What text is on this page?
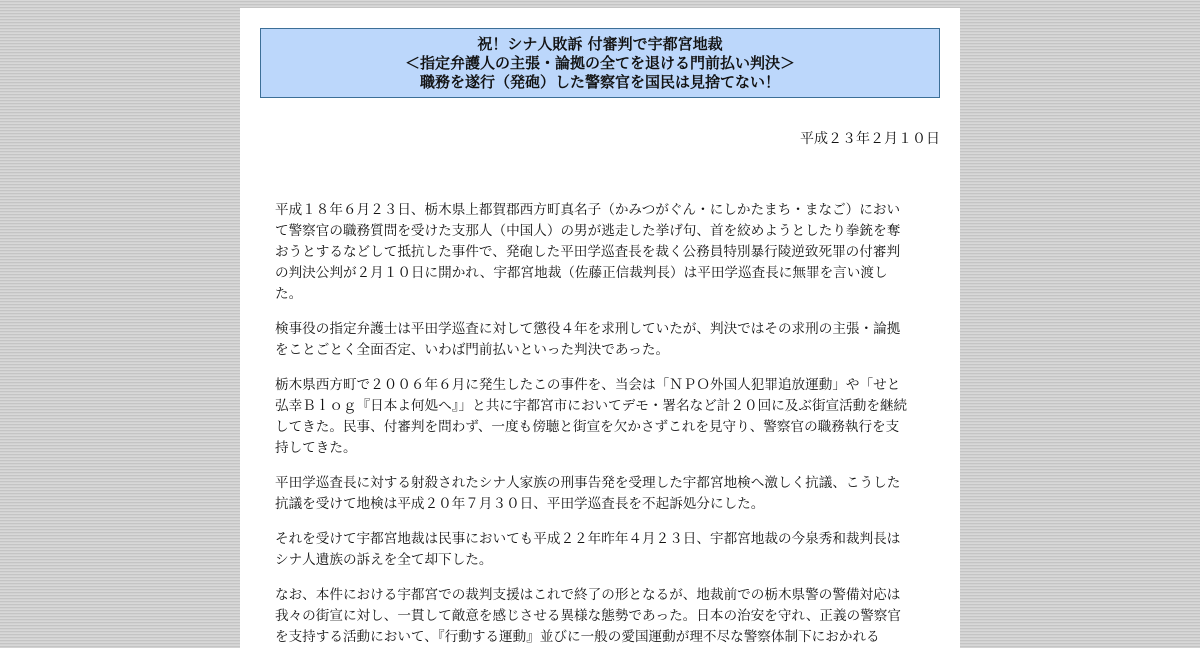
祝！シナ人敗訴 付審判で宇都宮地裁
＜指定弁護人の主張・論拠の全てを退ける門前払い判決＞
職務を遂行（発砲）した警察官を国民は見捨てない！
平成２３年２月１０日

平成１８年６月２３日、栃木県上都賀郡西方町真名子（かみつがぐん・にしかたまち・まなご）におい
て警察官の職務質問を受けた支那人（中国人）の男が逃走した挙げ句、首を絞めようとしたり拳銃を奪
おうとするなどして抵抗した事件で、発砲した平田学巡査長を裁く公務員特別暴行陵逆致死罪の付審判
の判決公判が２月１０日に開かれ、宇都宮地裁（佐藤正信裁判長）は平田学巡査長に無罪を言い渡し
た。

検事役の指定弁護士は平田学巡査に対して懲役４年を求刑していたが、判決ではその求刑の主張・論拠
をことごとく全面否定、いわば門前払いといった判決であった。

栃木県西方町で２００６年６月に発生したこの事件を、当会は「ＮＰＯ外国人犯罪追放運動」や「せと
弘幸Ｂｌｏｇ『日本よ何処へ』」と共に宇都宮市においてデモ・署名など計２０回に及ぶ街宣活動を継続
してきた。民事、付審判を問わず、一度も傍聴と街宣を欠かさずこれを見守り、警察官の職務執行を支
持してきた。

平田学巡査長に対する射殺されたシナ人家族の刑事告発を受理した宇都宮地検へ激しく抗議、こうした
抗議を受けて地検は平成２０年７月３０日、平田学巡査長を不起訴処分にした。

それを受けて宇都宮地裁は民事においても平成２２年昨年４月２３日、宇都宮地裁の今泉秀和裁判長は
シナ人遺族の訴えを全て却下した。

なお、本件における宇都宮での裁判支援はこれで終了の形となるが、地裁前での栃木県警の警備対応は
我々の街宣に対し、一貫して敵意を感じさせる異様な態勢であった。日本の治安を守れ、正義の警察官
を支持する活動において、『行動する運動』並びに一般の愛国運動が理不尽な警察体制下におかれる
